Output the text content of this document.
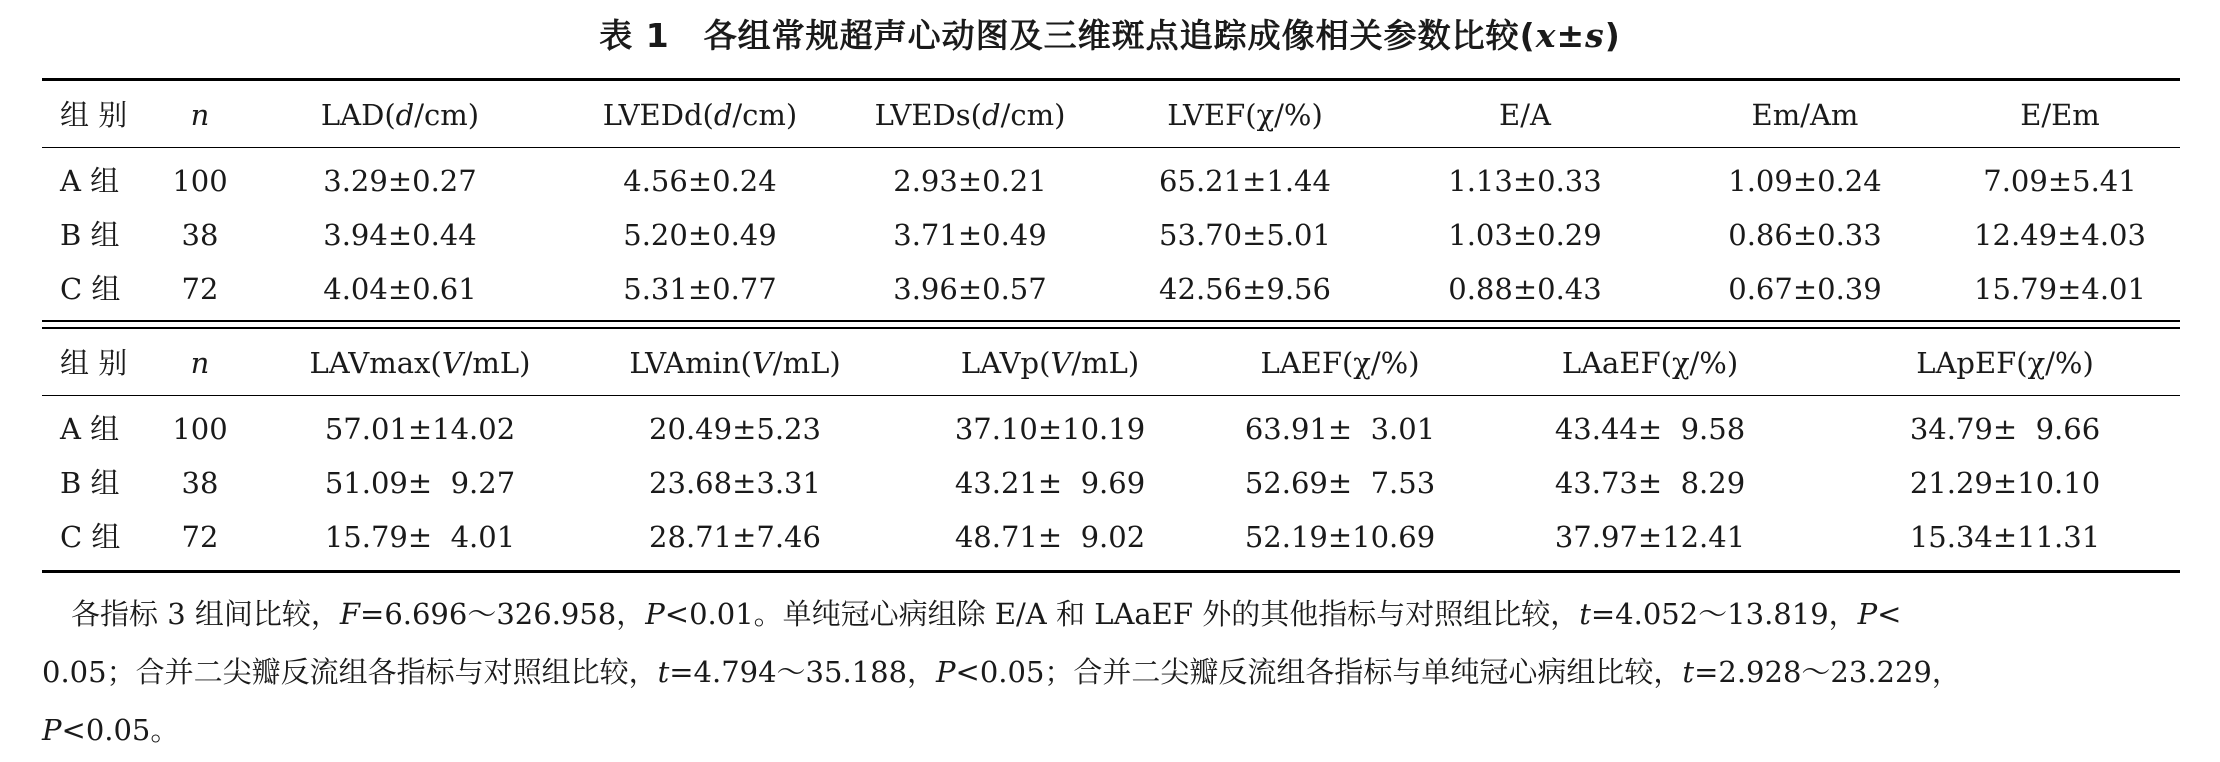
表 1　各组常规超声心动图及三维斑点追踪成像相关参数比较(x±s)
组 别	n	LAD(d/cm)	LVEDd(d/cm)	LVEDs(d/cm)	LVEF(χ/%)	E/A	Em/Am	E/Em
A 组	100	3.29±0.27	4.56±0.24	2.93±0.21	65.21±1.44	1.13±0.33	1.09±0.24	7.09±5.41
B 组	38	3.94±0.44	5.20±0.49	3.71±0.49	53.70±5.01	1.03±0.29	0.86±0.33	12.49±4.03
C 组	72	4.04±0.61	5.31±0.77	3.96±0.57	42.56±9.56	0.88±0.43	0.67±0.39	15.79±4.01
组 别	n	LAVmax(V/mL)	LVAmin(V/mL)	LAVp(V/mL)	LAEF(χ/%)	LAaEF(χ/%)	LApEF(χ/%)
A 组	100	57.01±14.02	20.49±5.23	37.10±10.19	63.91±  3.01	43.44±  9.58	34.79±  9.66
B 组	38	51.09±  9.27	23.68±3.31	43.21±  9.69	52.69±  7.53	43.73±  8.29	21.29±10.10
C 组	72	15.79±  4.01	28.71±7.46	48.71±  9.02	52.19±10.69	37.97±12.41	15.34±11.31

　各指标 3 组间比较，F=6.696～326.958，P<0.01。单纯冠心病组除 E/A 和 LAaEF 外的其他指标与对照组比较，t=4.052～13.819，P<

0.05；合并二尖瓣反流组各指标与对照组比较，t=4.794～35.188，P<0.05；合并二尖瓣反流组各指标与单纯冠心病组比较，t=2.928～23.229，

P<0.05。
